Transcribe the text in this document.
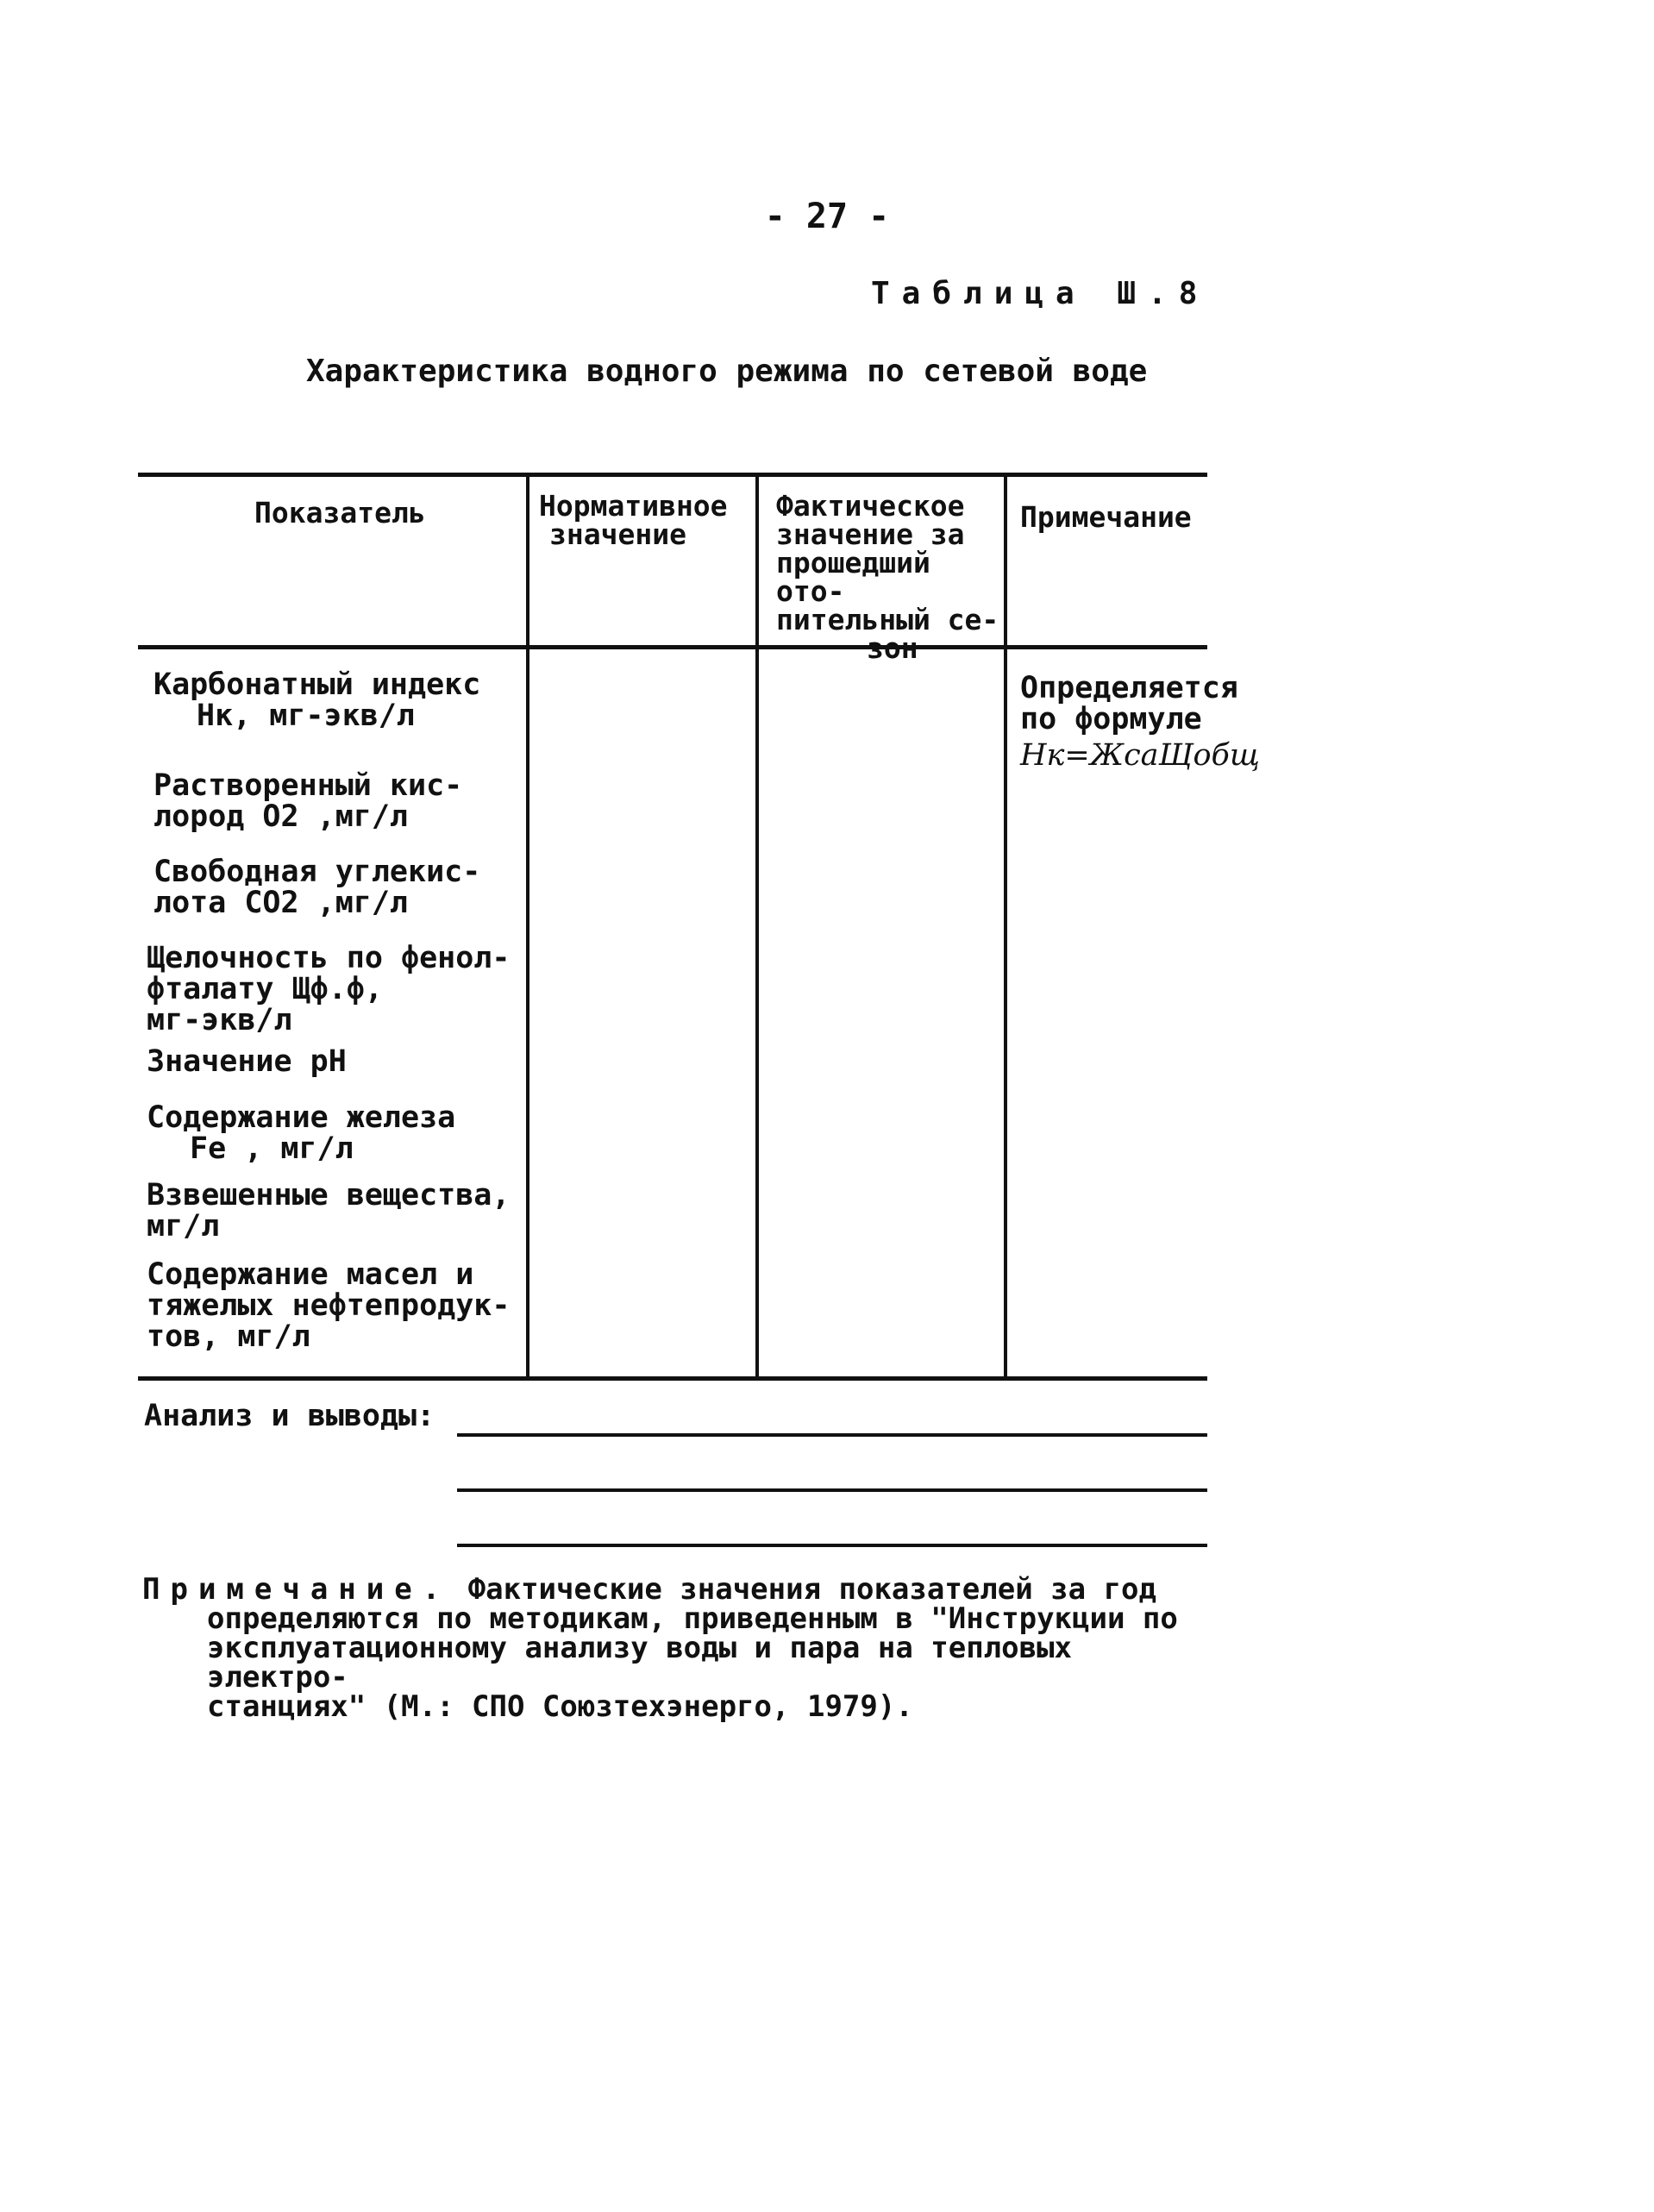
- 27 -
Таблица Ш.8
Характеристика водного режима по сетевой воде
Показатель	Нормативное
значение
Фактическое
значение за
прошедший ото-
пительный се-
зон
Примечание
Карбонатный индекс
Нк, мг-экв/л
Определяется
по формуле
Нк=ЖсаЩобщ
Растворенный кис-
лород О2 ,мг/л
Свободная углекис-
лота СО2 ,мг/л
Щелочность по фенол-
фталату Щф.ф,
мг-экв/л
Значение pH
Содержание железа
Fe , мг/л
Взвешенные вещества,
мг/л
Содержание масел и
тяжелых нефтепродук-
тов, мг/л
Анализ и выводы:

Примечание. Фактические значения показателей за год

определяются по методикам, приведенным в "Инструкции по

эксплуатационному анализу воды и пара на тепловых электро-

станциях" (М.: СПО Союзтехэнерго, 1979).
